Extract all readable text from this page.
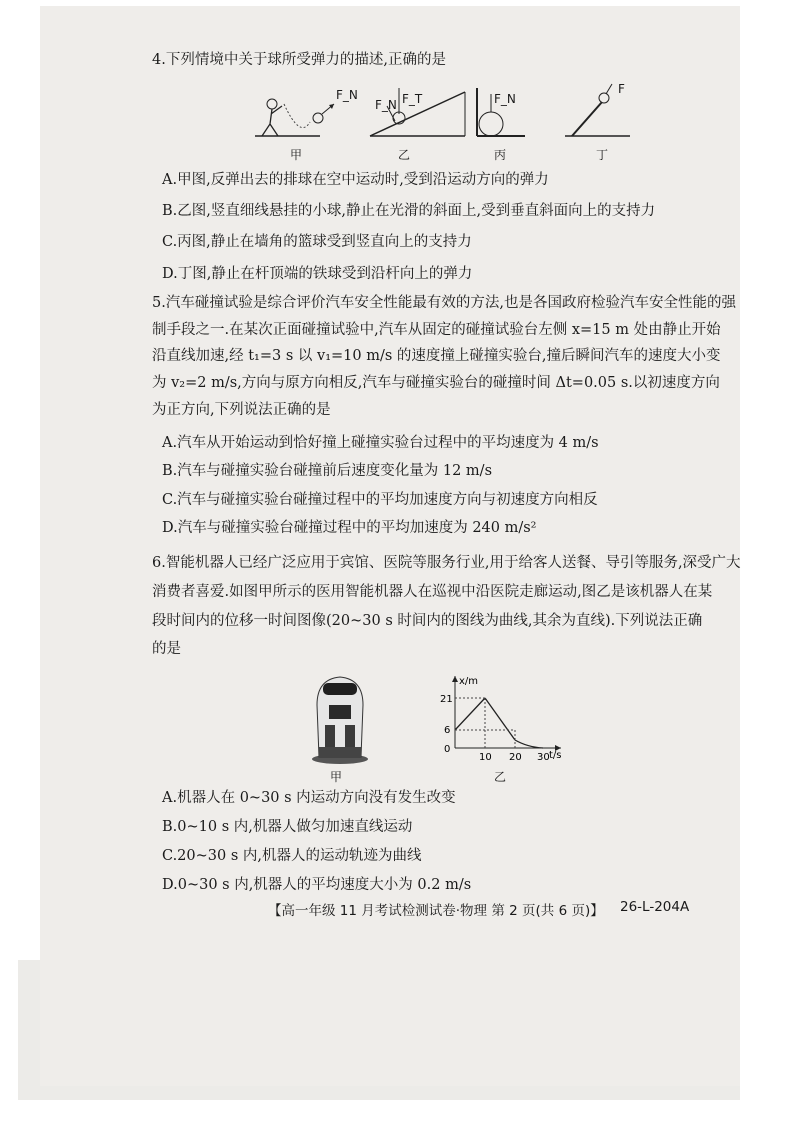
4.下列情境中关于球所受弹力的描述,正确的是
F_N
甲
F_N F_T
乙
F_N
丙
F
丁
A.甲图,反弹出去的排球在空中运动时,受到沿运动方向的弹力
B.乙图,竖直细线悬挂的小球,静止在光滑的斜面上,受到垂直斜面向上的支持力
C.丙图,静止在墙角的篮球受到竖直向上的支持力
D.丁图,静止在杆顶端的铁球受到沿杆向上的弹力
5.汽车碰撞试验是综合评价汽车安全性能最有效的方法,也是各国政府检验汽车安全性能的强
制手段之一.在某次正面碰撞试验中,汽车从固定的碰撞试验台左侧 x=15 m 处由静止开始
沿直线加速,经 t₁=3 s 以 v₁=10 m/s 的速度撞上碰撞实验台,撞后瞬间汽车的速度大小变
为 v₂=2 m/s,方向与原方向相反,汽车与碰撞实验台的碰撞时间 Δt=0.05 s.以初速度方向
为正方向,下列说法正确的是
A.汽车从开始运动到恰好撞上碰撞实验台过程中的平均速度为 4 m/s
B.汽车与碰撞实验台碰撞前后速度变化量为 12 m/s
C.汽车与碰撞实验台碰撞过程中的平均加速度方向与初速度方向相反
D.汽车与碰撞实验台碰撞过程中的平均加速度为 240 m/s²
6.智能机器人已经广泛应用于宾馆、医院等服务行业,用于给客人送餐、导引等服务,深受广大
消费者喜爱.如图甲所示的医用智能机器人在巡视中沿医院走廊运动,图乙是该机器人在某
段时间内的位移一时间图像(20~30 s 时间内的图线为曲线,其余为直线).下列说法正确
的是
甲
x/m
21
6
0
10 20 30 t/s
乙
A.机器人在 0~30 s 内运动方向没有发生改变
B.0~10 s 内,机器人做匀加速直线运动
C.20~30 s 内,机器人的运动轨迹为曲线
D.0~30 s 内,机器人的平均速度大小为 0.2 m/s
【高一年级 11 月考试检测试卷·物理 第 2 页(共 6 页)】 26-L-204A
